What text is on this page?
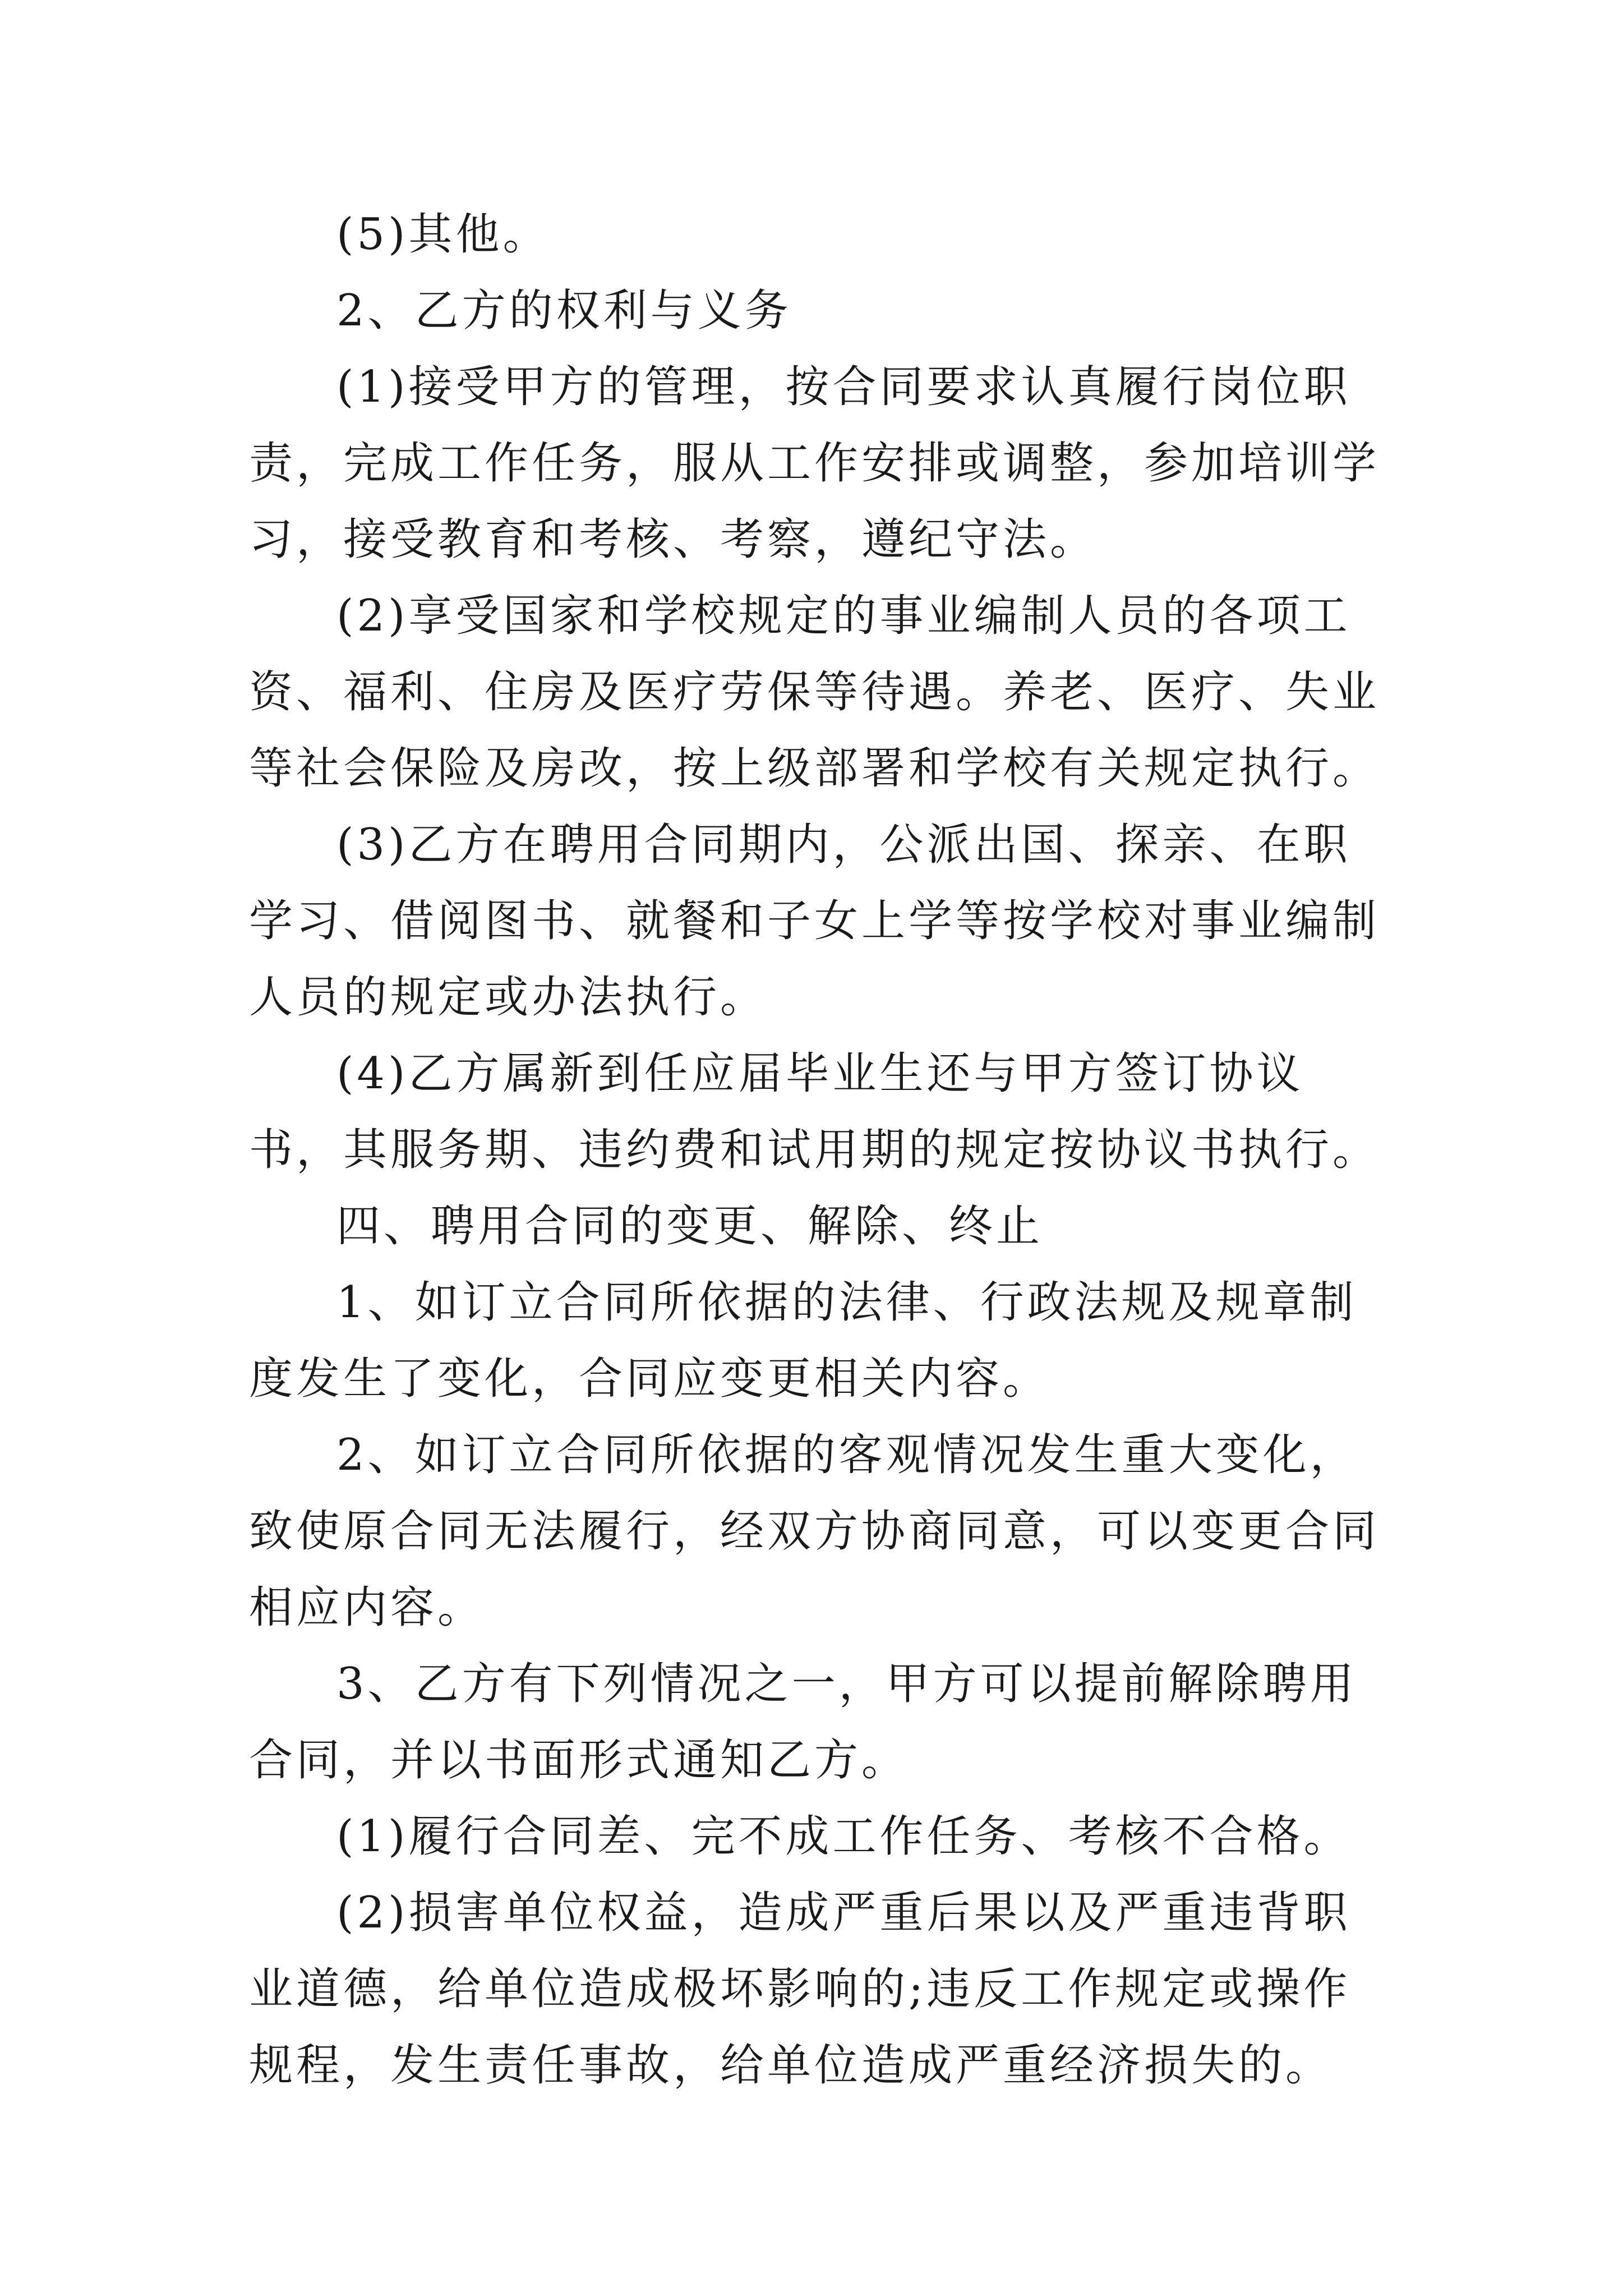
(5)其他。

2、乙方的权利与义务

(1)接受甲方的管理，按合同要求认真履行岗位职责，完成工作任务，服从工作安排或调整，参加培训学习，接受教育和考核、考察，遵纪守法。

(2)享受国家和学校规定的事业编制人员的各项工资、福利、住房及医疗劳保等待遇。养老、医疗、失业等社会保险及房改，按上级部署和学校有关规定执行。

(3)乙方在聘用合同期内，公派出国、探亲、在职学习、借阅图书、就餐和子女上学等按学校对事业编制人员的规定或办法执行。

(4)乙方属新到任应届毕业生还与甲方签订协议书，其服务期、违约费和试用期的规定按协议书执行。

四、聘用合同的变更、解除、终止

1、如订立合同所依据的法律、行政法规及规章制度发生了变化，合同应变更相关内容。

2、如订立合同所依据的客观情况发生重大变化，致使原合同无法履行，经双方协商同意，可以变更合同相应内容。

3、乙方有下列情况之一，甲方可以提前解除聘用合同，并以书面形式通知乙方。

(1)履行合同差、完不成工作任务、考核不合格。

(2)损害单位权益，造成严重后果以及严重违背职业道德，给单位造成极坏影响的;违反工作规定或操作规程，发生责任事故，给单位造成严重经济损失的。
